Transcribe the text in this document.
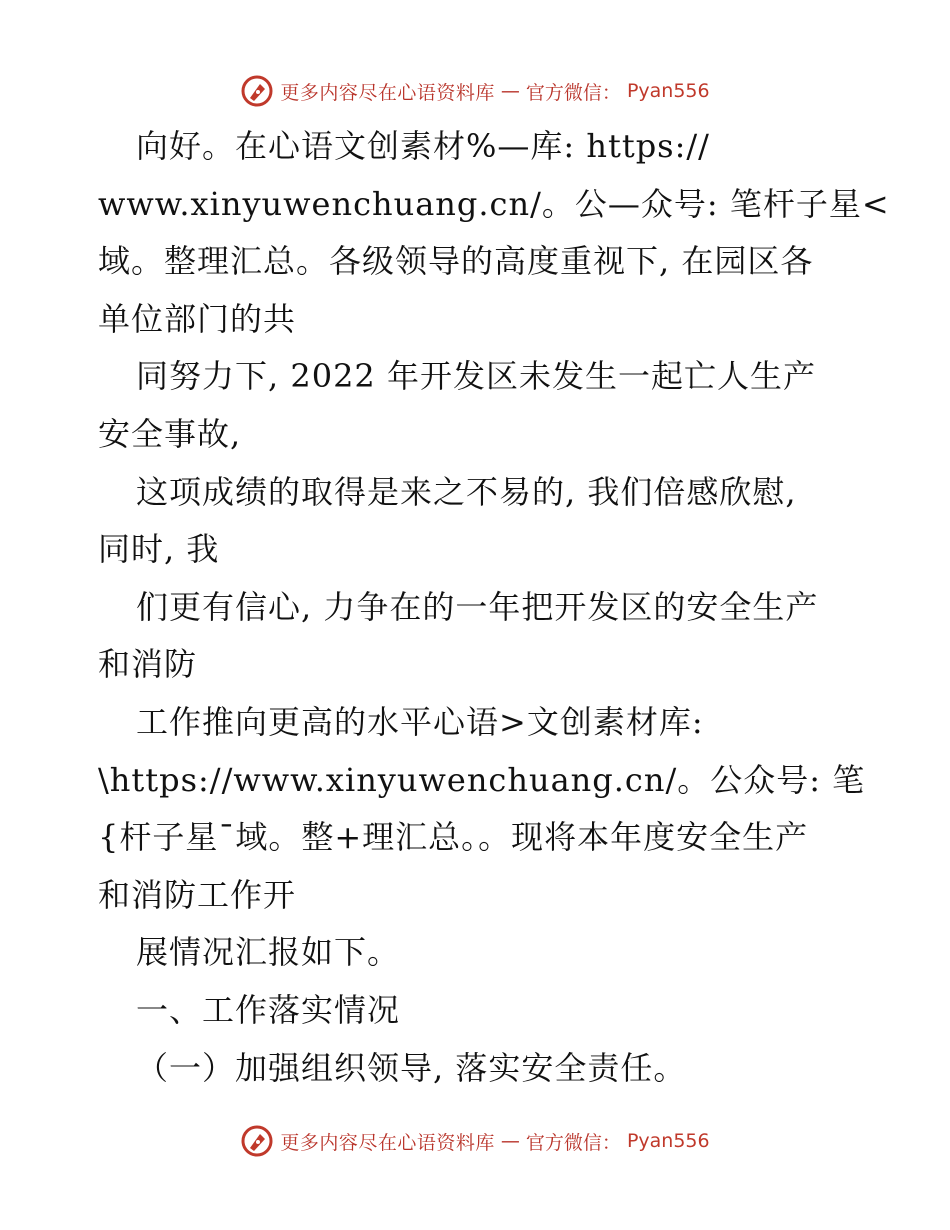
更多内容尽在心语资料库 — 官方微信： Pyan556
向好。在心语文创素材%—库: https://
www.xinyuwenchuang.cn/。公—众号: 笔杆子星<
域。整理汇总。各级领导的高度重视下, 在园区各
单位部门的共
同努力下, 2022 年开发区未发生一起亡人生产
安全事故,
这项成绩的取得是来之不易的, 我们倍感欣慰,
同时, 我
们更有信心, 力争在的一年把开发区的安全生产
和消防
工作推向更高的水平心语>文创素材库:
\https://www.xinyuwenchuang.cn/。公众号: 笔
{杆子星¯域。整+理汇总。。现将本年度安全生产
和消防工作开
展情况汇报如下。
一、工作落实情况
（一）加强组织领导, 落实安全责任。
更多内容尽在心语资料库 — 官方微信： Pyan556
